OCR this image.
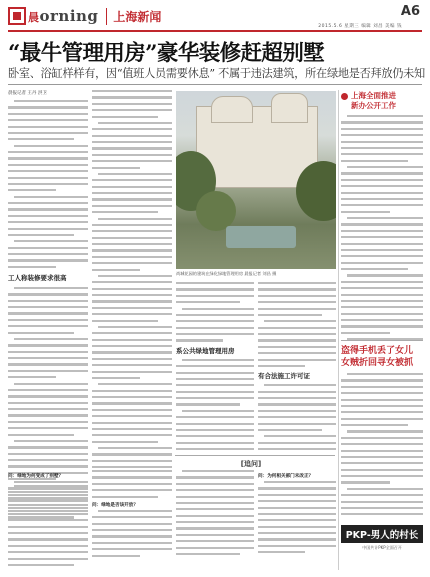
晨orning	上海新闻	A6
2015.5.6 星期三 编辑 刘昌 美编 钱
“最牛管理用房”豪华装修赶超别墅
卧室、浴缸样样有，因“值班人员需要休息” 不属于违法建筑，所在绿地是否拜放仍未知
晨报记者 王丹 洪卫
工人称装修要求很高
尚城花园的建筑在绿化绿地管理用房 晨报记者 刘昌 摄
系公共绿地管理用房
有合法施工许可证
[追问]
问：绿地为何变成了别墅？
问：绿地是否该开放？
问：为何相关部门未改正？
上海全面推进
新办公开工作
盗得手机丢了女儿
女贼折回寻女被抓
PKP-男人的村长
中国共计PKP全面召开
